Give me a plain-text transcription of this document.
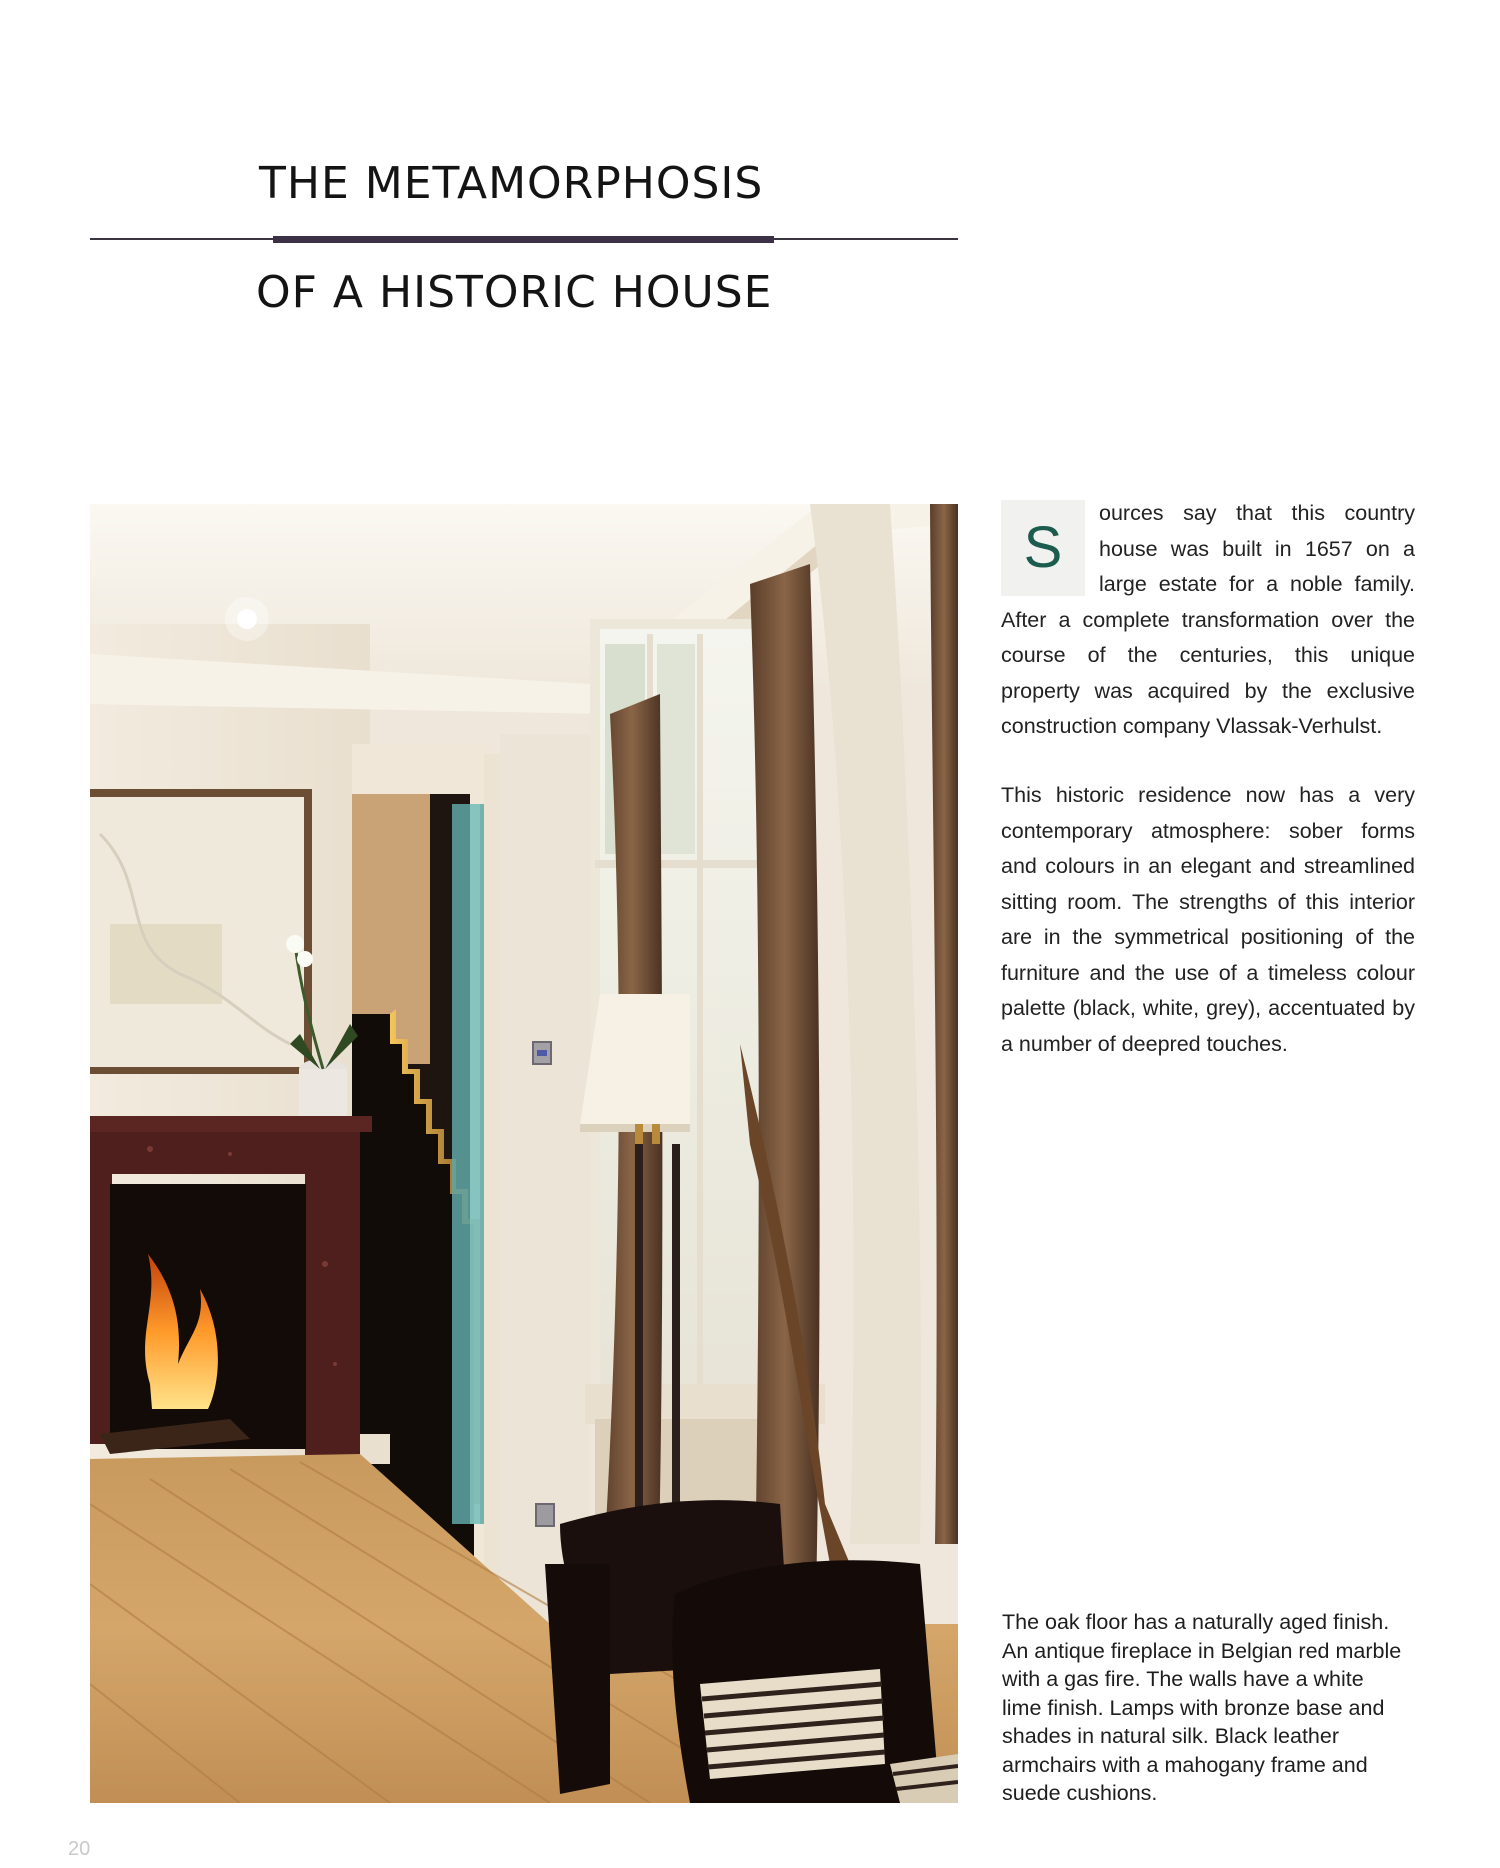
THE METAMORPHOSIS
OF A HISTORIC HOUSE
S
ources say that this country house was built in 1657 on a large estate for a noble family. After a complete transformation over the course of the centuries, this unique property was acquired by the exclusive construction company Vlassak-Verhulst.
This historic residence now has a very contemporary atmosphere: sober forms and colours in an elegant and streamlined sitting room. The strengths of this interior are in the symmetrical positioning of the furniture and the use of a timeless colour palette (black, white, grey), accentuated by a number of deepred touches.
The oak floor has a naturally aged finish. An antique fireplace in Belgian red marble with a gas fire. The walls have a white lime finish. Lamps with bronze base and shades in natural silk. Black leather armchairs with a mahogany frame and suede cushions.
20
